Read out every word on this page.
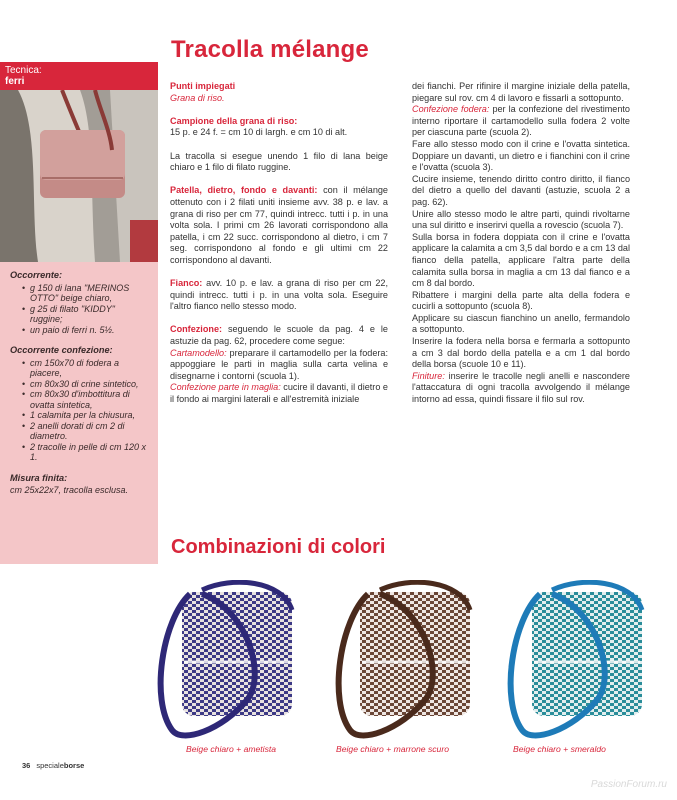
Tracolla mélange
Tecnica:
ferri
Occorrente:
• g 150 di lana "MERINOS OTTO" beige chiaro,
• g 25 di filato "KIDDY" ruggine;
• un paio di ferri n. 5½.
Occorrente confezione:
• cm 150x70 di fodera a piacere,
• cm 80x30 di crine sintetico,
• cm 80x30 d'imbottitura di ovatta sintetica,
• 1 calamita per la chiusura,
• 2 anelli dorati di cm 2 di diametro.
• 2 tracolle in pelle di cm 120 x 1.
Misura finita:
cm 25x22x7, tracolla esclusa.

Punti impiegati

Grana di riso.

Campione della grana di riso:

15 p. e 24 f. = cm 10 di largh. e cm 10 di alt.

La tracolla si esegue unendo 1 filo di lana beige chiaro e 1 filo di filato ruggine.

Patella, dietro, fondo e davanti: con il mélange ottenuto con i 2 filati uniti insieme avv. 38 p. e lav. a grana di riso per cm 77, quindi intrecc. tutti i p. in una volta sola. I primi cm 26 lavorati corrispondono alla patella, i cm 22 succ. corrispondono al dietro, i cm 7 seg. corrispondono al fondo e gli ultimi cm 22 corrispondono al davanti.

Fianco: avv. 10 p. e lav. a grana di riso per cm 22, quindi intrecc. tutti i p. in una volta sola. Eseguire l'altro fianco nello stesso modo.

Confezione: seguendo le scuole da pag. 4 e le astuzie da pag. 62, procedere come segue:

Cartamodello: preparare il cartamodello per la fodera: appoggiare le parti in maglia sulla carta velina e disegnarne i contorni (scuola 1).

Confezione parte in maglia: cucire il davanti, il dietro e il fondo ai margini laterali e all'estremità iniziale

dei fianchi. Per rifinire il margine iniziale della patella, piegare sul rov. cm 4 di lavoro e fissarli a sottopunto.

Confezione fodera: per la confezione del rivestimento interno riportare il cartamodello sulla fodera 2 volte per ciascuna parte (scuola 2).

Fare allo stesso modo con il crine e l'ovatta sintetica. Doppiare un davanti, un dietro e i fianchini con il crine e l'ovatta (scuola 3).

Cucire insieme, tenendo diritto contro diritto, il fianco del dietro a quello del davanti (astuzie, scuola 2 a pag. 62).

Unire allo stesso modo le altre parti, quindi rivoltarne una sul diritto e inserirvi quella a rovescio (scuola 7).

Sulla borsa in fodera doppiata con il crine e l'ovatta applicare la calamita a cm 3,5 dal bordo e a cm 13 dal fianco della patella, applicare l'altra parte della calamita sulla borsa in maglia a cm 13 dal fianco e a cm 8 dal bordo.

Ribattere i margini della parte alta della fodera e cucirli a sottopunto (scuola 8).

Applicare su ciascun fianchino un anello, fermandolo a sottopunto.

Inserire la fodera nella borsa e fermarla a sottopunto a cm 3 dal bordo della patella e a cm 1 dal bordo della borsa (scuole 10 e 11).

Finiture: inserire le tracolle negli anelli e nascondere l'attaccatura di ogni tracolla avvolgendo il mélange intorno ad essa, quindi fissare il filo sul rov.

Combinazioni di colori
Beige chiaro + ametista	Beige chiaro + marrone scuro	Beige chiaro + smeraldo
36 specialeborse
PassionForum.ru
